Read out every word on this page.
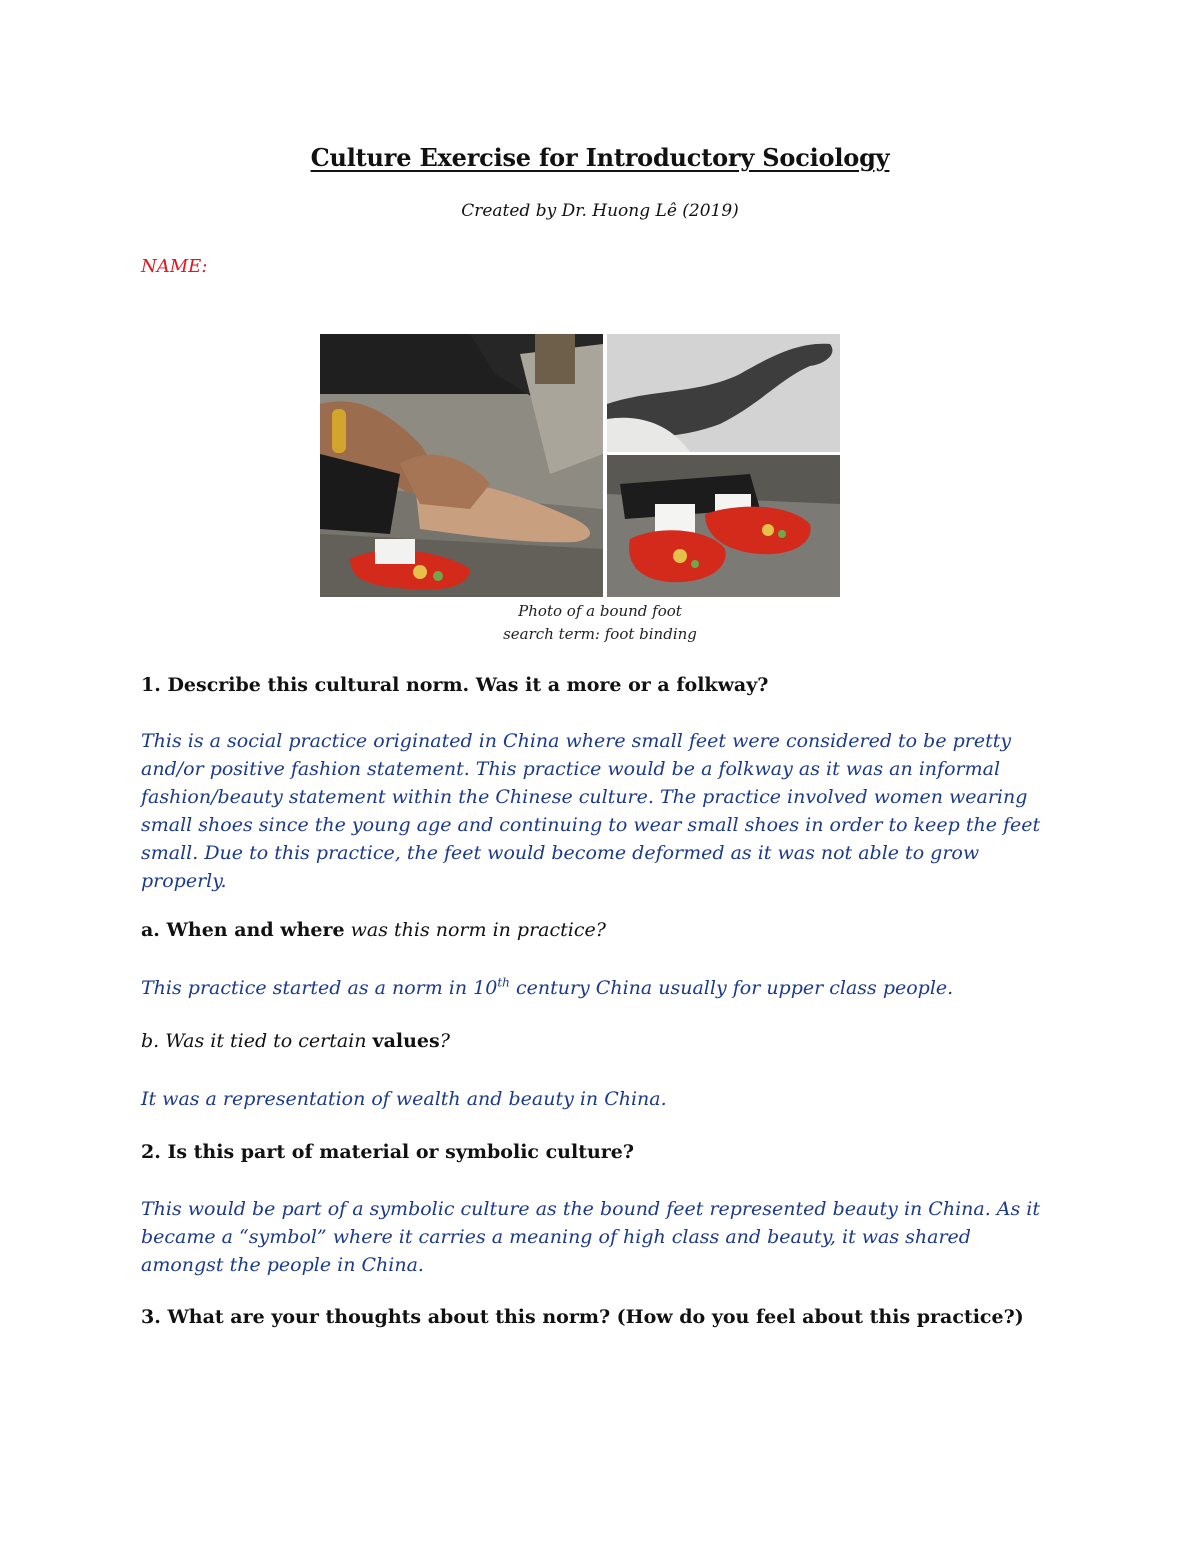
Culture Exercise for Introductory Sociology
Created by Dr. Huong Lê (2019)
NAME:
Photo of a bound foot
search term: foot binding
1. Describe this cultural norm. Was it a more or a folkway?
This is a social practice originated in China where small feet were considered to be pretty
and/or positive fashion statement. This practice would be a folkway as it was an informal
fashion/beauty statement within the Chinese culture. The practice involved women wearing
small shoes since the young age and continuing to wear small shoes in order to keep the feet
small. Due to this practice, the feet would become deformed as it was not able to grow
properly.
a. When and where was this norm in practice?
This practice started as a norm in 10th century China usually for upper class people.
b. Was it tied to certain values?
It was a representation of wealth and beauty in China.
2. Is this part of material or symbolic culture?
This would be part of a symbolic culture as the bound feet represented beauty in China. As it
became a “symbol” where it carries a meaning of high class and beauty, it was shared
amongst the people in China.
3. What are your thoughts about this norm? (How do you feel about this practice?)
